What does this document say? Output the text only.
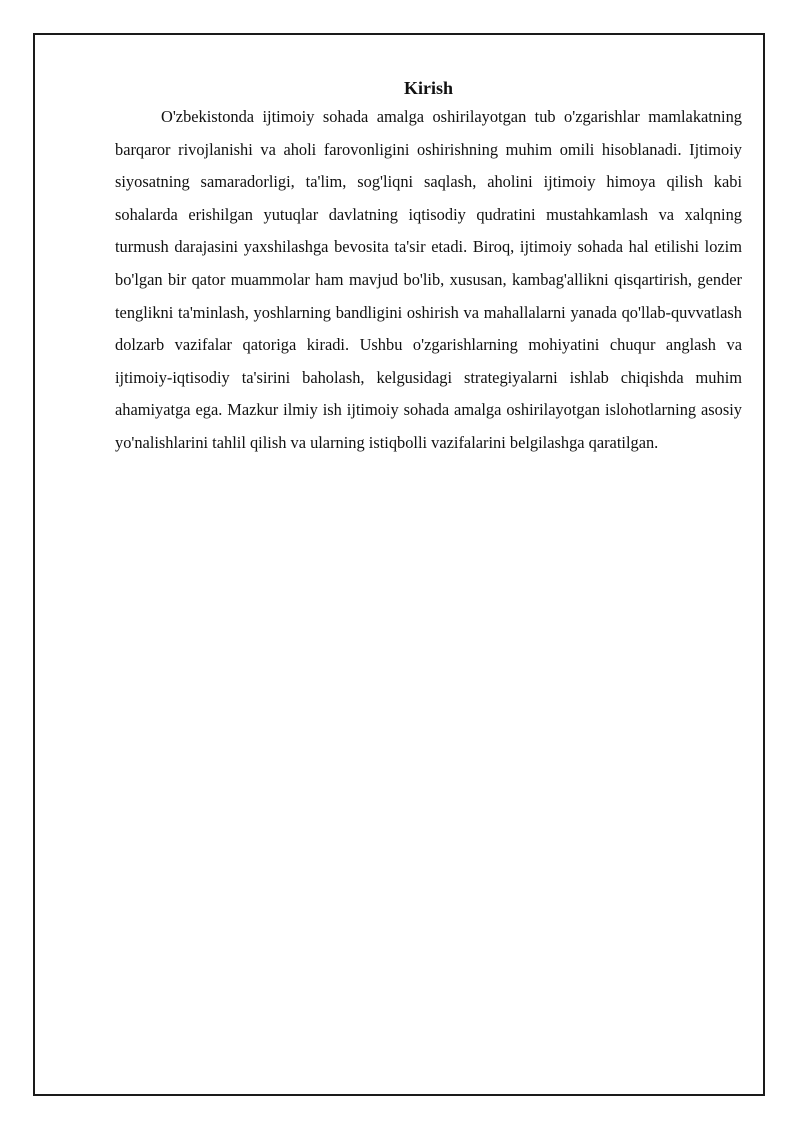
Kirish

O'zbekistonda ijtimoiy sohada amalga oshirilayotgan tub o'zgarishlar mamlakatning barqaror rivojlanishi va aholi farovonligini oshirishning muhim omili hisoblanadi. Ijtimoiy siyosatning samaradorligi, ta'lim, sog'liqni saqlash, aholini ijtimoiy himoya qilish kabi sohalarda erishilgan yutuqlar davlatning iqtisodiy qudratini mustahkamlash va xalqning turmush darajasini yaxshilashga bevosita ta'sir etadi. Biroq, ijtimoiy sohada hal etilishi lozim bo'lgan bir qator muammolar ham mavjud bo'lib, xususan, kambag'allikni qisqartirish, gender tenglikni ta'minlash, yoshlarning bandligini oshirish va mahallalarni yanada qo'llab-quvvatlash dolzarb vazifalar qatoriga kiradi. Ushbu o'zgarishlarning mohiyatini chuqur anglash va ijtimoiy-iqtisodiy ta'sirini baholash, kelgusidagi strategiyalarni ishlab chiqishda muhim ahamiyatga ega. Mazkur ilmiy ish ijtimoiy sohada amalga oshirilayotgan islohotlarning asosiy yo'nalishlarini tahlil qilish va ularning istiqbolli vazifalarini belgilashga qaratilgan.
